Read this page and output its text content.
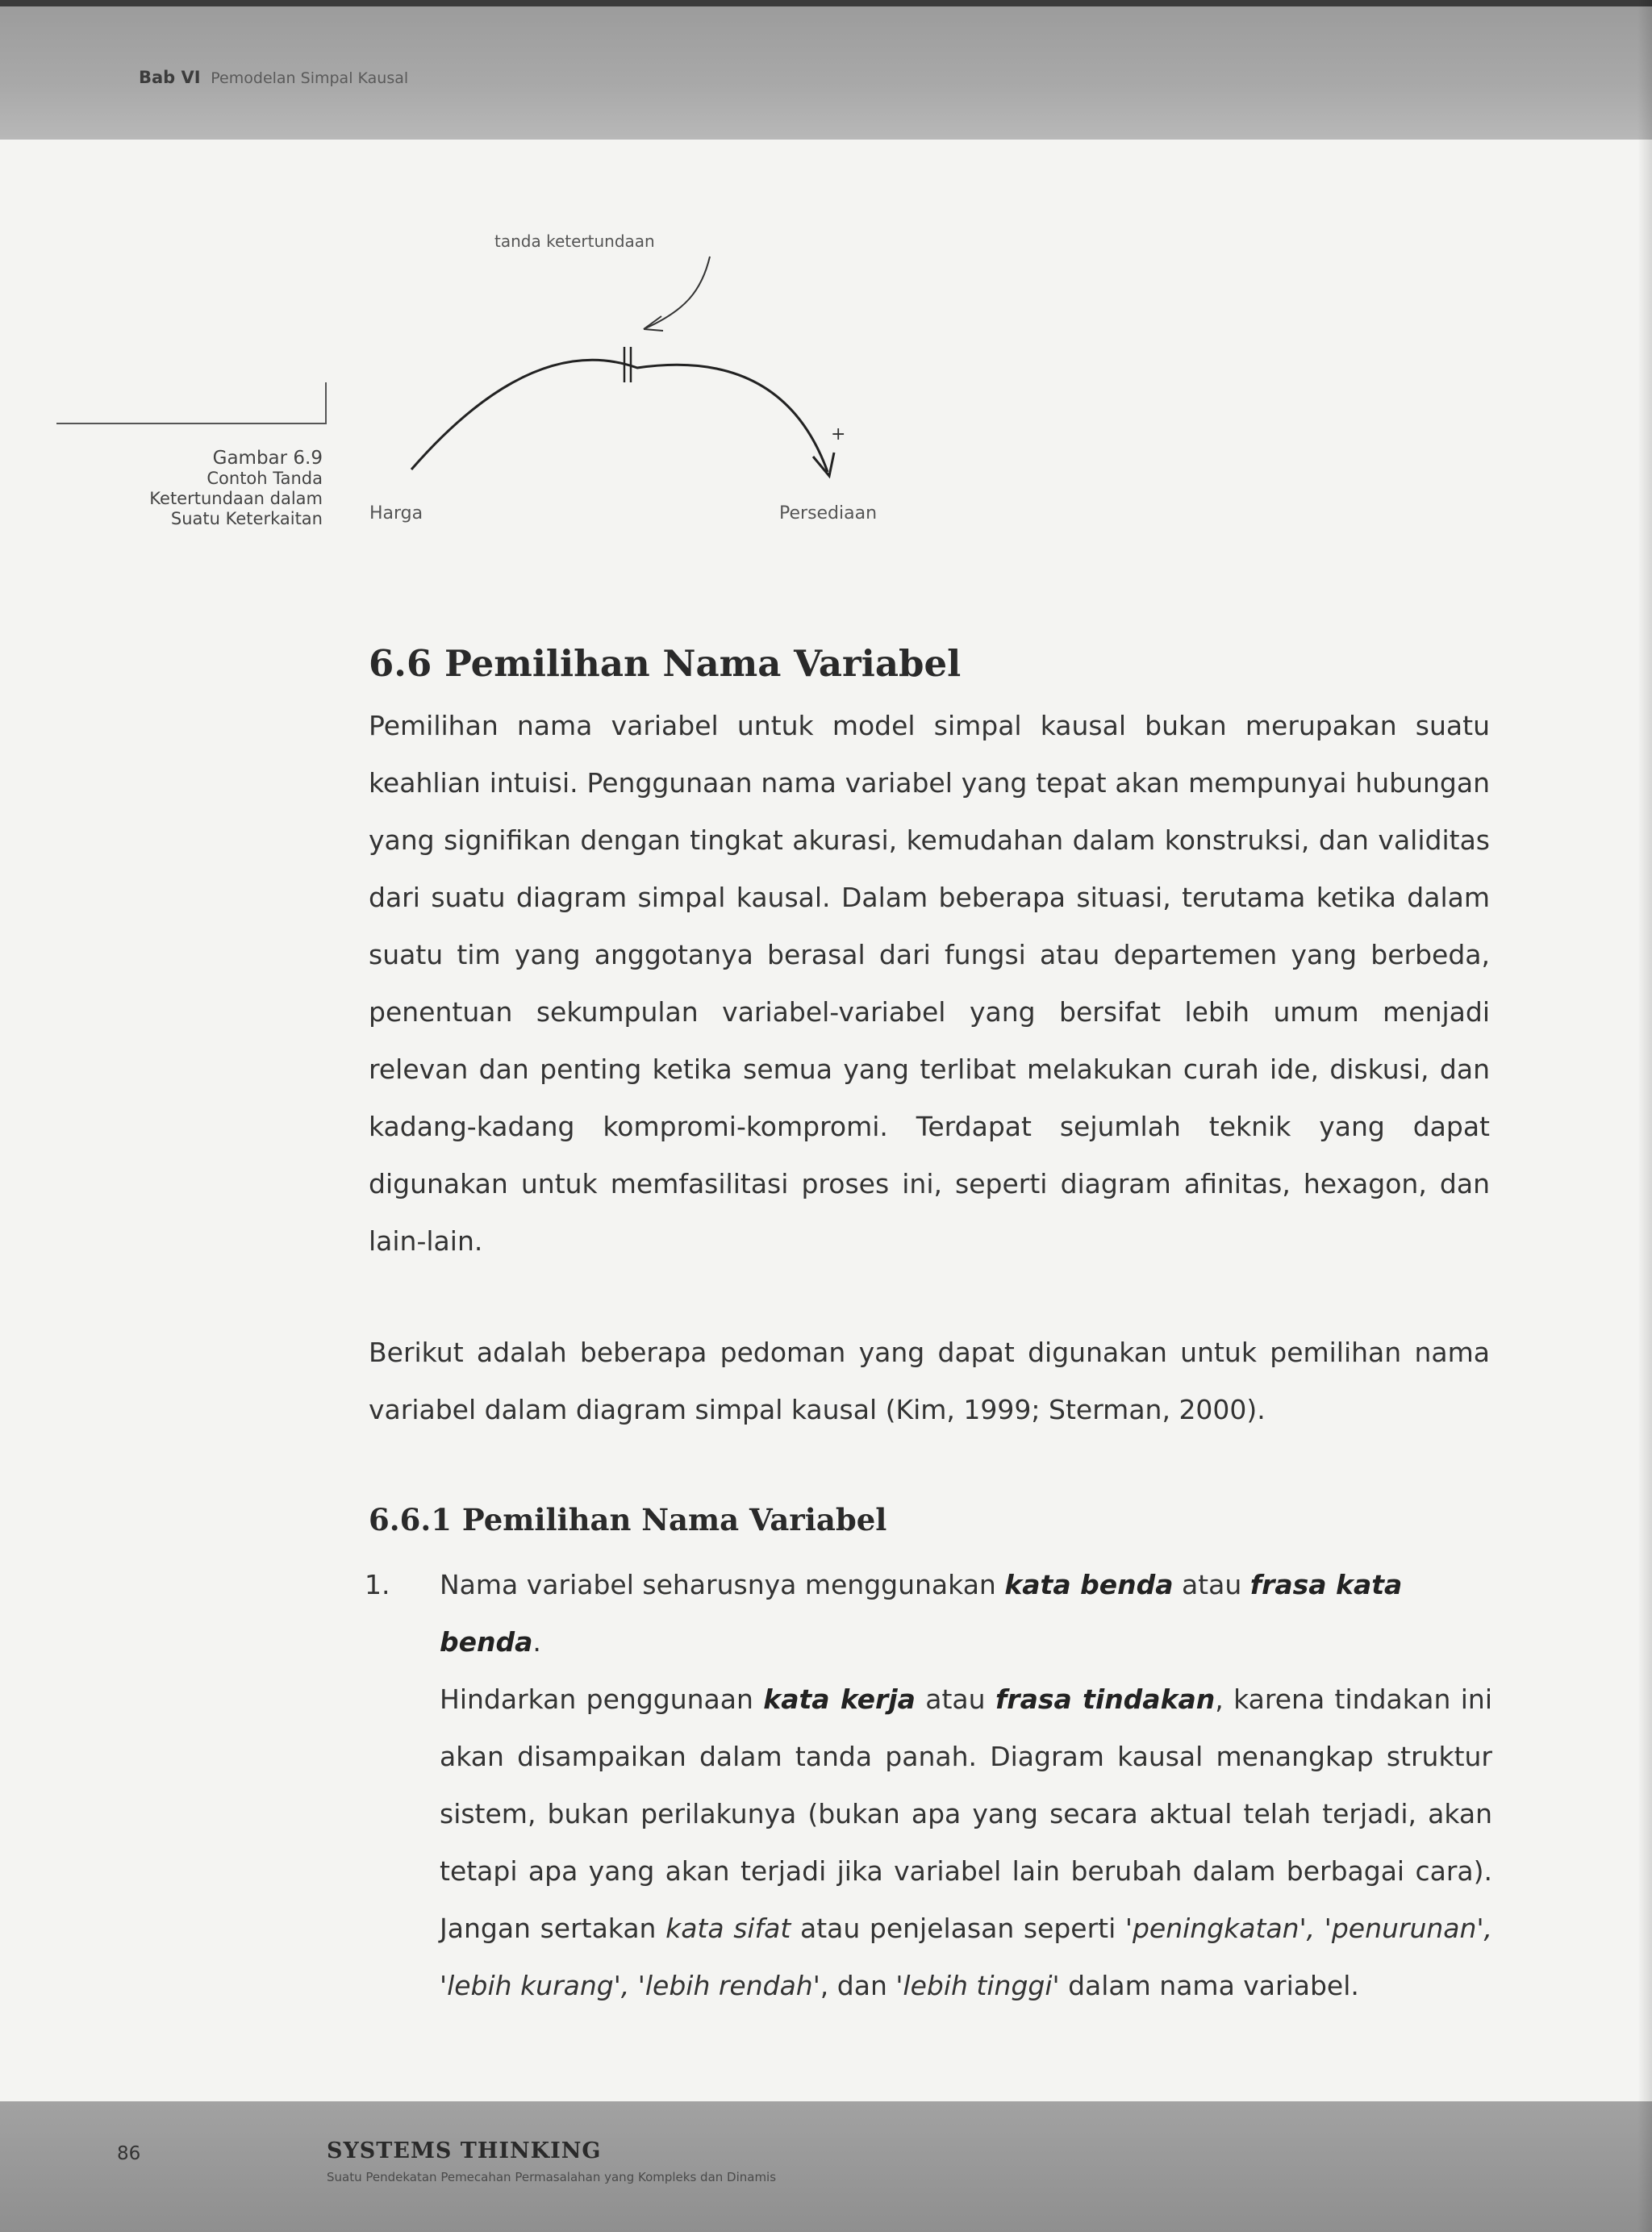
Bab VI Pemodelan Simpal Kausal
Gambar 6.9
Contoh Tanda
Ketertundaan dalam
Suatu Keterkaitan
tanda ketertundaan
+
Harga	Persediaan
6.6 Pemilihan Nama Variabel

Pemilihan nama variabel untuk model simpal kausal bukan merupakan suatu keahlian intuisi. Penggunaan nama variabel yang tepat akan mempunyai hubungan yang signifikan dengan tingkat akurasi, kemudahan dalam konstruksi, dan validitas dari suatu diagram simpal kausal. Dalam beberapa situasi, terutama ketika dalam suatu tim yang anggotanya berasal dari fungsi atau departemen yang berbeda, penentuan sekumpulan variabel-variabel yang bersifat lebih umum menjadi relevan dan penting ketika semua yang terlibat melakukan curah ide, diskusi, dan kadang-kadang kompromi-kompromi. Terdapat sejumlah teknik yang dapat digunakan untuk memfasilitasi proses ini, seperti diagram afinitas, hexagon, dan lain-lain.

Berikut adalah beberapa pedoman yang dapat digunakan untuk pemilihan nama variabel dalam diagram simpal kausal (Kim, 1999; Sterman, 2000).

6.6.1 Pemilihan Nama Variabel
1. Nama variabel seharusnya menggunakan kata benda atau frasa kata benda.

Hindarkan penggunaan kata kerja atau frasa tindakan, karena tindakan ini akan disampaikan dalam tanda panah. Diagram kausal menangkap struktur sistem, bukan perilakunya (bukan apa yang secara aktual telah terjadi, akan tetapi apa yang akan terjadi jika variabel lain berubah dalam berbagai cara). Jangan sertakan kata sifat atau penjelasan seperti 'peningkatan', 'penurunan', 'lebih kurang', 'lebih rendah', dan 'lebih tinggi' dalam nama variabel.

86	SYSTEMS THINKING
Suatu Pendekatan Pemecahan Permasalahan yang Kompleks dan Dinamis
